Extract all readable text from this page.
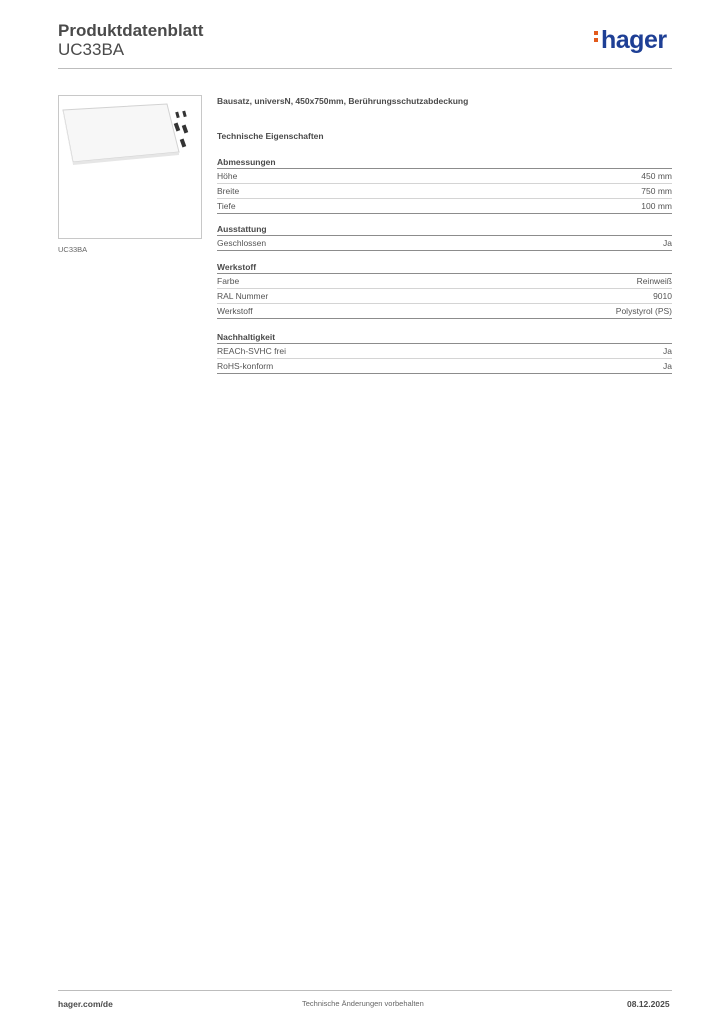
Produktdatenblatt
UC33BA	hager
UC33BA
Bausatz, universN, 450x750mm, Berührungsschutzabdeckung
Technische Eigenschaften
Abmessungen
Höhe	450 mm
Breite	750 mm
Tiefe	100 mm
Ausstattung
Geschlossen	Ja
Werkstoff
Farbe	Reinweiß
RAL Nummer	9010
Werkstoff	Polystyrol (PS)
Nachhaltigkeit
REACh-SVHC frei	Ja
RoHS-konform	Ja
hager.com/de	Technische Änderungen vorbehalten	08.12.2025
